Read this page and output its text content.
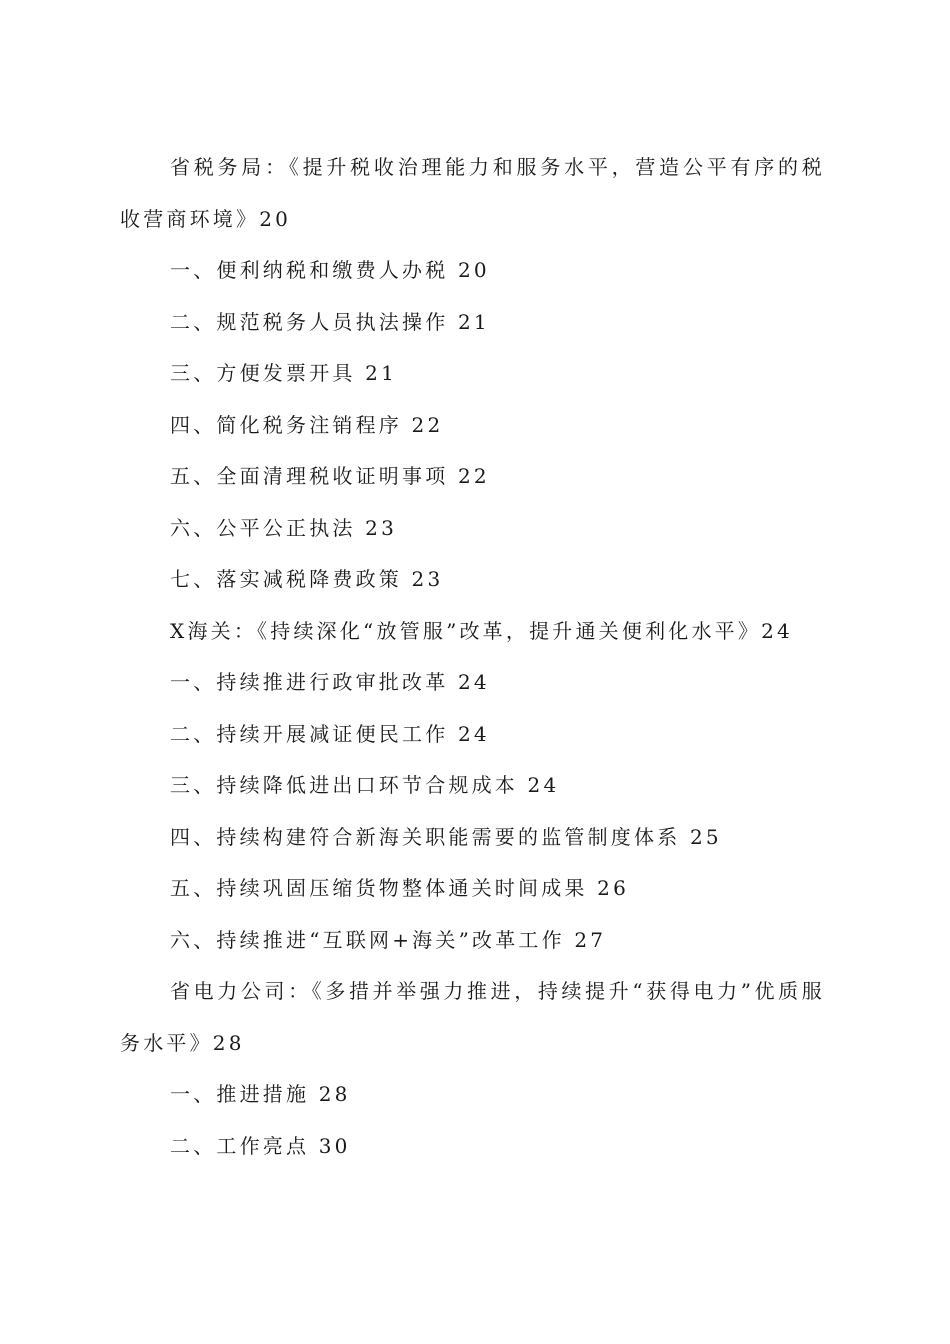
省税务局：《提升税收治理能力和服务水平，营造公平有序的税收营商环境》20
一、便利纳税和缴费人办税 20
二、规范税务人员执法操作 21
三、方便发票开具 21
四、简化税务注销程序 22
五、全面清理税收证明事项 22
六、公平公正执法 23
七、落实减税降费政策 23
X海关：《持续深化“放管服”改革，提升通关便利化水平》24
一、持续推进行政审批改革 24
二、持续开展减证便民工作 24
三、持续降低进出口环节合规成本 24
四、持续构建符合新海关职能需要的监管制度体系 25
五、持续巩固压缩货物整体通关时间成果 26
六、持续推进“互联网+海关”改革工作 27
省电力公司：《多措并举强力推进，持续提升“获得电力”优质服务水平》28
一、推进措施 28
二、工作亮点 30
